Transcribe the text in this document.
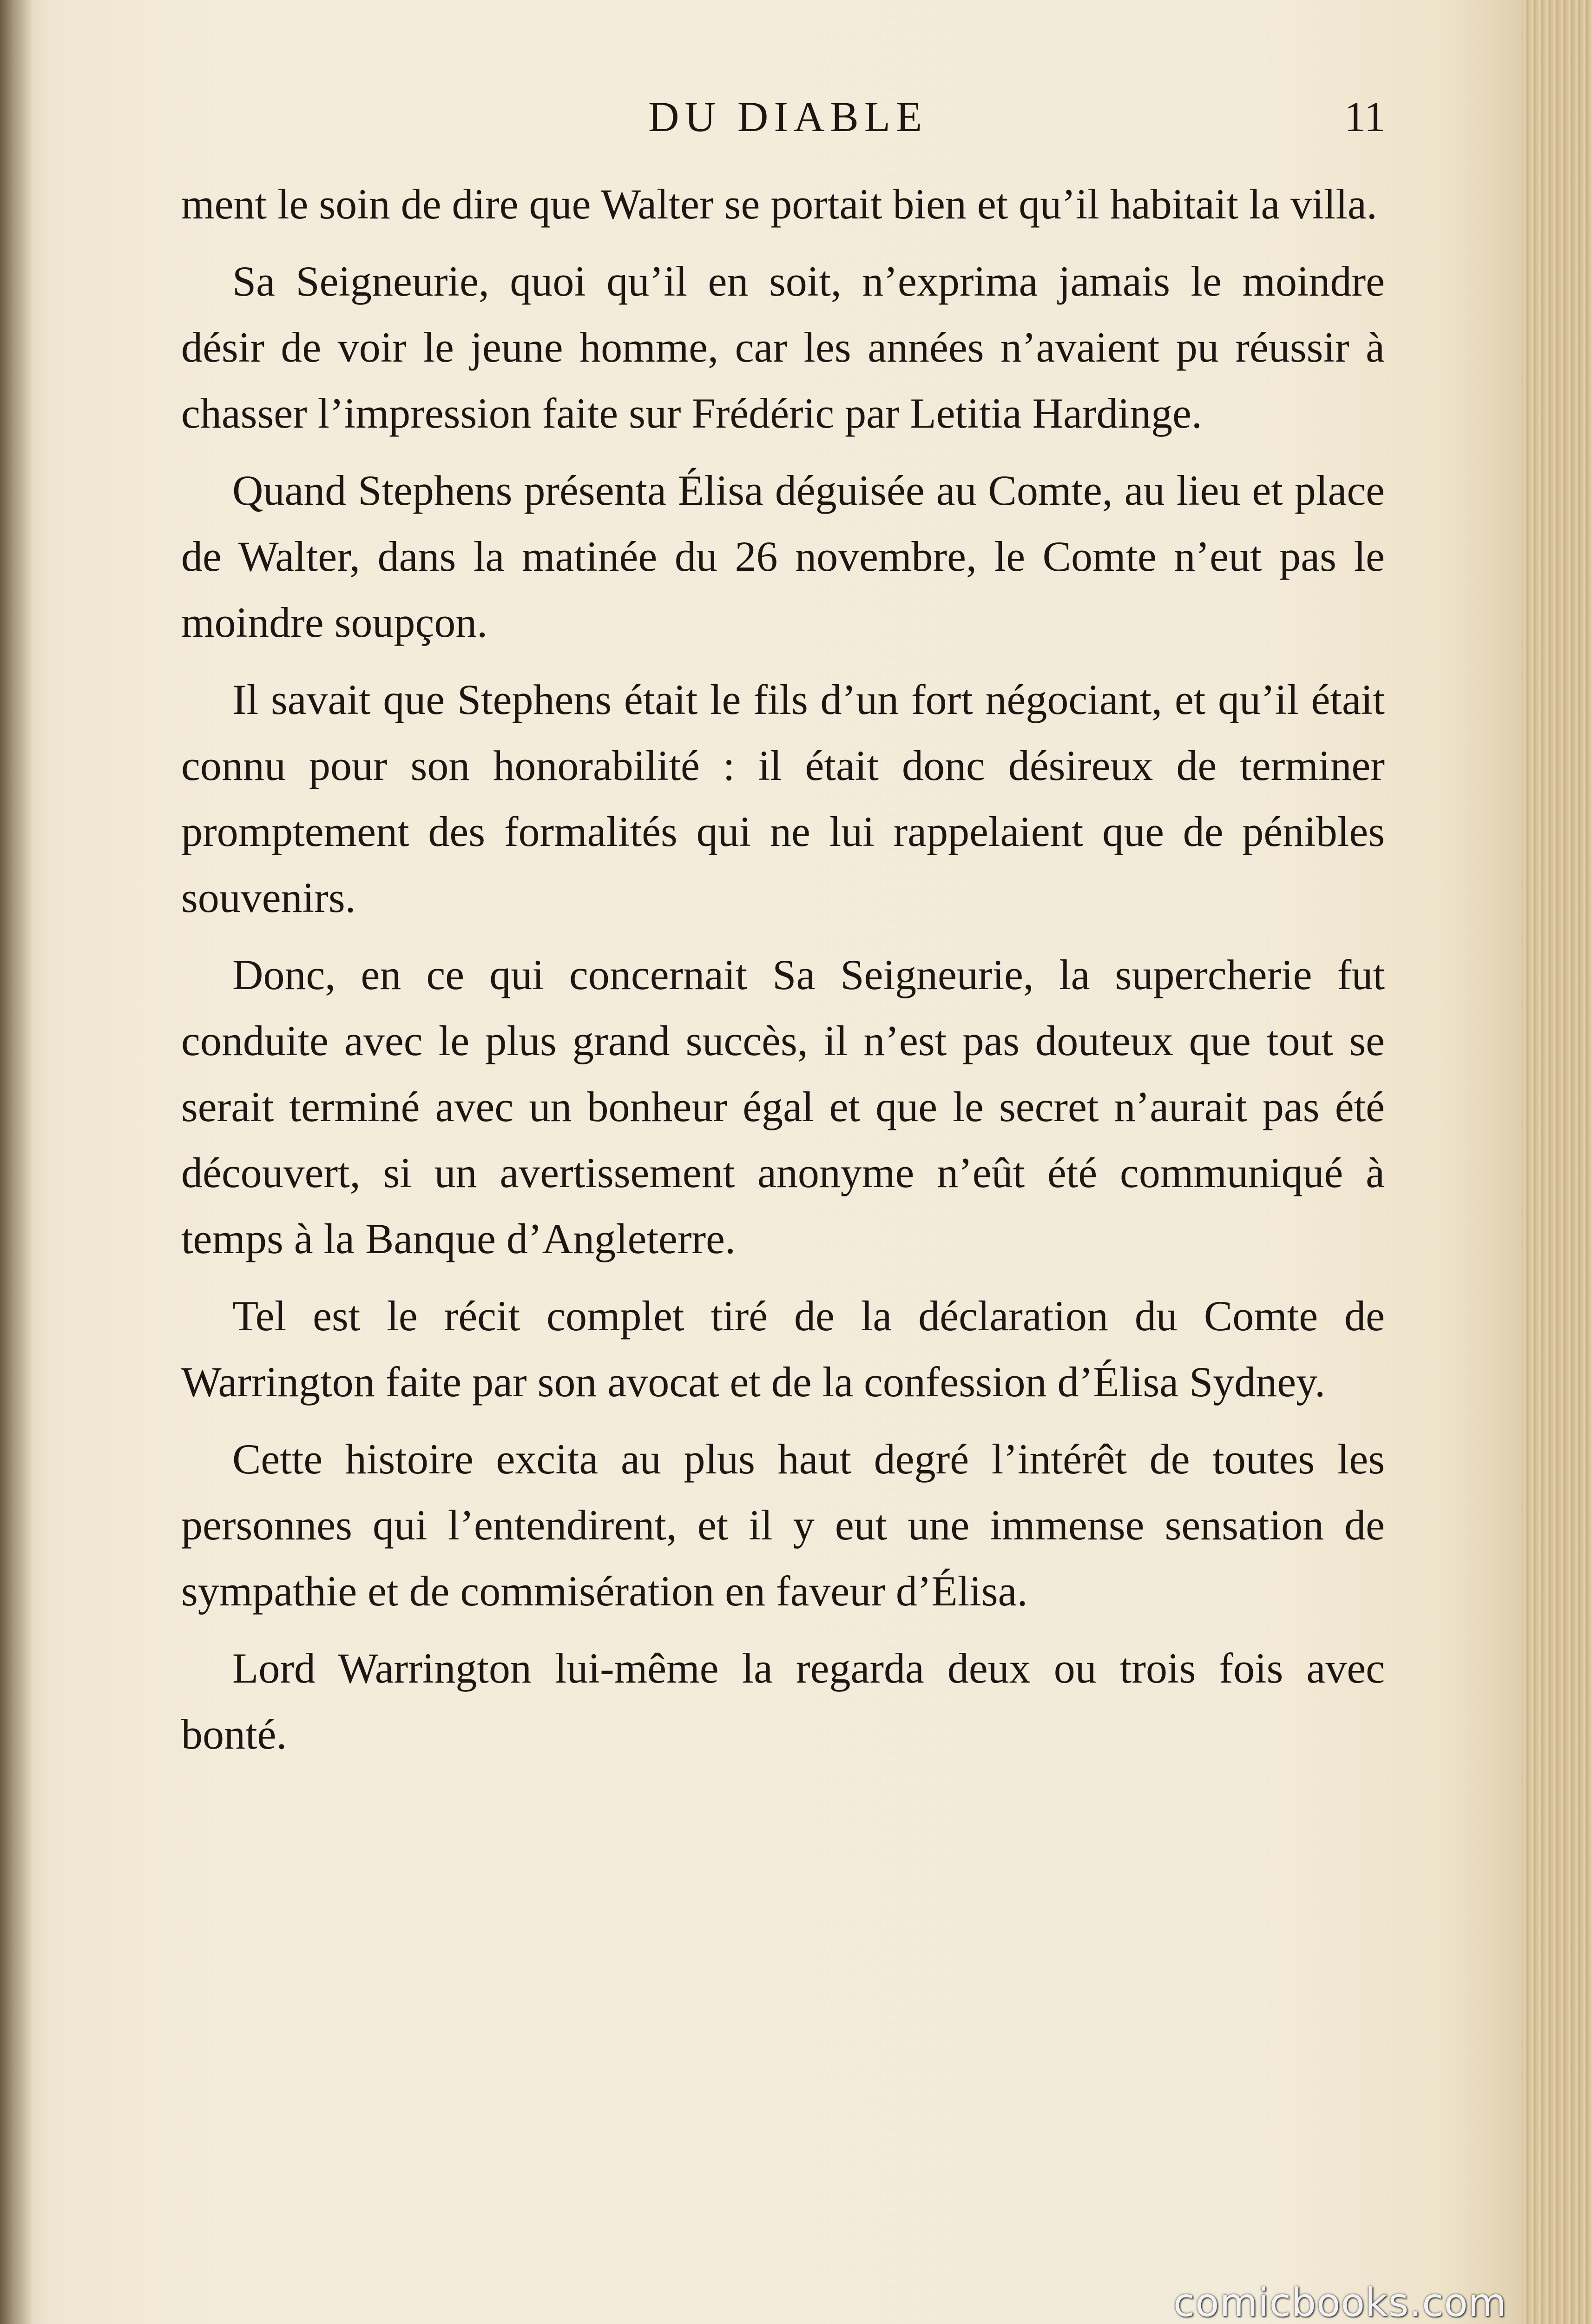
DU DIABLE	11

ment le soin de dire que Walter se portait bien et qu’il habitait la villa.

Sa Seigneurie, quoi qu’il en soit, n’exprima jamais le moindre désir de voir le jeune homme, car les années n’avaient pu réussir à chasser l’impression faite sur Frédéric par Letitia Hardinge.

Quand Stephens présenta Élisa déguisée au Comte, au lieu et place de Walter, dans la matinée du 26 novembre, le Comte n’eut pas le moindre soupçon.

Il savait que Stephens était le fils d’un fort négociant, et qu’il était connu pour son honorabilité : il était donc désireux de terminer promptement des formalités qui ne lui rappelaient que de pénibles souvenirs.

Donc, en ce qui concernait Sa Seigneurie, la supercherie fut conduite avec le plus grand succès, il n’est pas douteux que tout se serait terminé avec un bonheur égal et que le secret n’aurait pas été découvert, si un avertissement anonyme n’eût été communiqué à temps à la Banque d’Angleterre.

Tel est le récit complet tiré de la déclaration du Comte de Warrington faite par son avocat et de la confession d’Élisa Sydney.

Cette histoire excita au plus haut degré l’intérêt de toutes les personnes qui l’entendirent, et il y eut une immense sensation de sympathie et de commisération en faveur d’Élisa.

Lord Warrington lui-même la regarda deux ou trois fois avec bonté.

comicbooks.com
